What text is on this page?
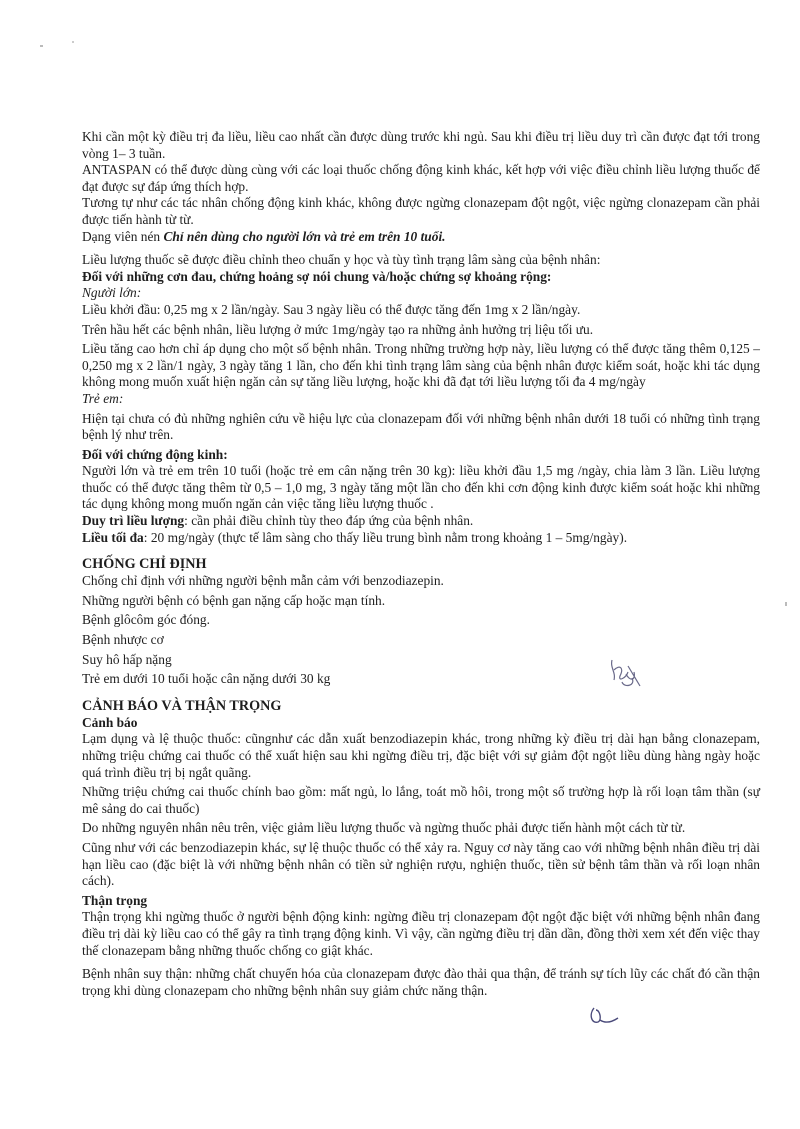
Khi cần một kỳ điều trị đa liều, liều cao nhất cần được dùng trước khi ngủ. Sau khi điều trị liều duy trì cần được đạt tới trong vòng 1– 3 tuần.

ANTASPAN có thể được dùng cùng với các loại thuốc chống động kinh khác, kết hợp với việc điều chỉnh liều lượng thuốc để đạt được sự đáp ứng thích hợp.

Tương tự như các tác nhân chống động kinh khác, không được ngừng clonazepam đột ngột, việc ngừng clonazepam cần phải được tiến hành từ từ.

Dạng viên nén Chỉ nên dùng cho người lớn và trẻ em trên 10 tuổi.

Liều lượng thuốc sẽ được điều chỉnh theo chuẩn y học và tùy tình trạng lâm sàng của bệnh nhân:

Đối với những cơn đau, chứng hoảng sợ nói chung và/hoặc chứng sợ khoảng rộng:

Người lớn:

Liều khởi đầu: 0,25 mg x 2 lần/ngày. Sau 3 ngày liều có thể được tăng đến 1mg x 2 lần/ngày.

Trên hầu hết các bệnh nhân, liều lượng ở mức 1mg/ngày tạo ra những ảnh hưởng trị liệu tối ưu.

Liều tăng cao hơn chỉ áp dụng cho một số bệnh nhân. Trong những trường hợp này, liều lượng có thể được tăng thêm 0,125 – 0,250 mg x 2 lần/1 ngày, 3 ngày tăng 1 lần, cho đến khi tình trạng lâm sàng của bệnh nhân được kiểm soát, hoặc khi tác dụng không mong muốn xuất hiện ngăn cản sự tăng liều lượng, hoặc khi đã đạt tới liều lượng tối đa 4 mg/ngày

Trẻ em:

Hiện tại chưa có đủ những nghiên cứu về hiệu lực của clonazepam đối với những bệnh nhân dưới 18 tuổi có những tình trạng bệnh lý như trên.

Đối với chứng động kinh:

Người lớn và trẻ em trên 10 tuổi (hoặc trẻ em cân nặng trên 30 kg): liều khởi đầu 1,5 mg /ngày, chia làm 3 lần. Liều lượng thuốc có thể được tăng thêm từ 0,5 – 1,0 mg, 3 ngày tăng một lần cho đến khi cơn động kinh được kiểm soát hoặc khi những tác dụng không mong muốn ngăn cản việc tăng liều lượng thuốc .

Duy trì liều lượng: cần phải điều chỉnh tùy theo đáp ứng của bệnh nhân.

Liều tối đa: 20 mg/ngày (thực tế lâm sàng cho thấy liều trung bình nằm trong khoảng 1 – 5mg/ngày).

CHỐNG CHỈ ĐỊNH

Chống chỉ định với những người bệnh mẫn cảm với benzodiazepin.

Những người bệnh có bệnh gan nặng cấp hoặc mạn tính.

Bệnh glôcôm góc đóng.

Bệnh nhược cơ

Suy hô hấp nặng

Trẻ em dưới 10 tuổi hoặc cân nặng dưới 30 kg

CẢNH BÁO VÀ THẬN TRỌNG

Cảnh báo

Lạm dụng và lệ thuộc thuốc: cũngnhư các dẫn xuất benzodiazepin khác, trong những kỳ điều trị dài hạn bằng clonazepam, những triệu chứng cai thuốc có thể xuất hiện sau khi ngừng điều trị, đặc biệt với sự giảm đột ngột liều dùng hàng ngày hoặc quá trình điều trị bị ngắt quãng.

Những triệu chứng cai thuốc chính bao gồm: mất ngủ, lo lắng, toát mồ hôi, trong một số trường hợp là rối loạn tâm thần (sự mê sảng do cai thuốc)

Do những nguyên nhân nêu trên, việc giảm liều lượng thuốc và ngừng thuốc phải được tiến hành một cách từ từ.

Cũng như với các benzodiazepin khác, sự lệ thuộc thuốc có thể xảy ra. Nguy cơ này tăng cao với những bệnh nhân điều trị dài hạn liều cao (đặc biệt là với những bệnh nhân có tiền sử nghiện rượu, nghiện thuốc, tiền sử bệnh tâm thần và rối loạn nhân cách).

Thận trọng

Thận trọng khi ngừng thuốc ở người bệnh động kinh: ngừng điều trị clonazepam đột ngột đặc biệt với những bệnh nhân đang điều trị dài kỳ liều cao có thể gây ra tình trạng động kinh. Vì vậy, cần ngừng điều trị dần dần, đồng thời xem xét đến việc thay thế clonazepam bằng những thuốc chống co giật khác.

Bệnh nhân suy thận: những chất chuyển hóa của clonazepam được đào thải qua thận, để tránh sự tích lũy các chất đó cần thận trọng khi dùng clonazepam cho những bệnh nhân suy giảm chức năng thận.
